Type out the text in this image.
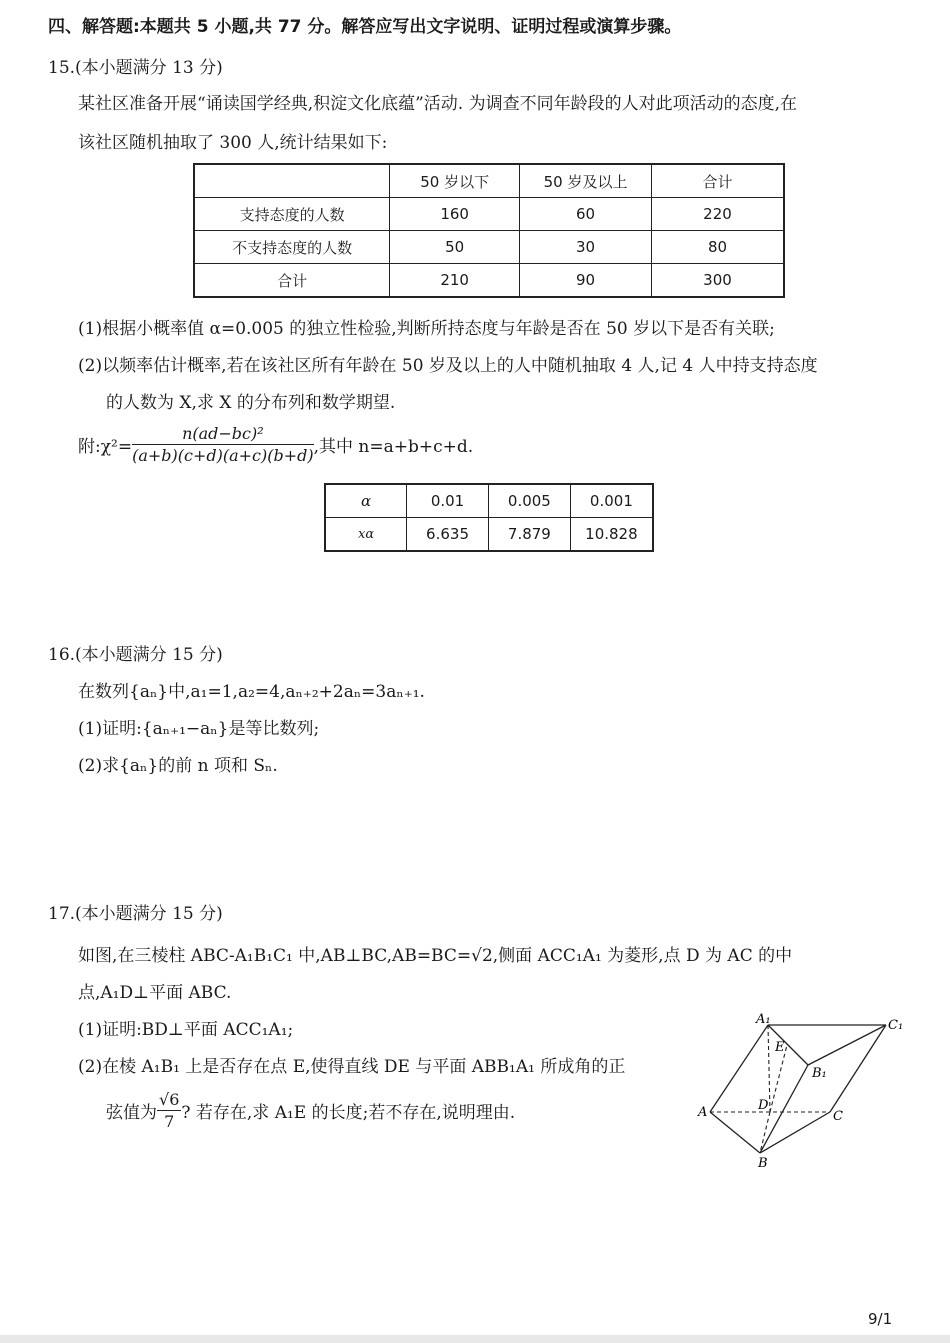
四、解答题:本题共 5 小题,共 77 分。解答应写出文字说明、证明过程或演算步骤。
15.(本小题满分 13 分)
某社区准备开展“诵读国学经典,积淀文化底蕴”活动. 为调查不同年龄段的人对此项活动的态度,在
该社区随机抽取了 300 人,统计结果如下:
	50 岁以下	50 岁及以上	合计
支持态度的人数	160	60	220
不支持态度的人数	50	30	80
合计	210	90	300
(1)根据小概率值 α=0.005 的独立性检验,判断所持态度与年龄是否在 50 岁以下是否有关联;
(2)以频率估计概率,若在该社区所有年龄在 50 岁及以上的人中随机抽取 4 人,记 4 人中持支持态度
的人数为 X,求 X 的分布列和数学期望.
附:χ²= $\frac{\text{n(ad−bc)²}}{(a+b)(c+d)(a+c)(b+d)}$ ,其中 n=a+b+c+d.
α	0.01	0.005	0.001
xα	6.635	7.879	10.828
16.(本小题满分 15 分)
在数列{aₙ}中,a₁=1,a₂=4,aₙ₊₂+2aₙ=3aₙ₊₁.
(1)证明:{aₙ₊₁−aₙ}是等比数列;
(2)求{aₙ}的前 n 项和 Sₙ.
17.(本小题满分 15 分)
如图,在三棱柱 ABC-A₁B₁C₁ 中,AB⊥BC,AB=BC=√2,侧面 ACC₁A₁ 为菱形,点 D 为 AC 的中
点,A₁D⊥平面 ABC.
(1)证明:BD⊥平面 ACC₁A₁;
(2)在棱 A₁B₁ 上是否存在点 E,使得直线 DE 与平面 ABB₁A₁ 所成角的正
弦值为 $\frac{√6}{7}$ ? 若存在,求 A₁E 的长度;若不存在,说明理由.
A₁	C₁
E
B₁
A	D
C
B
9/1
